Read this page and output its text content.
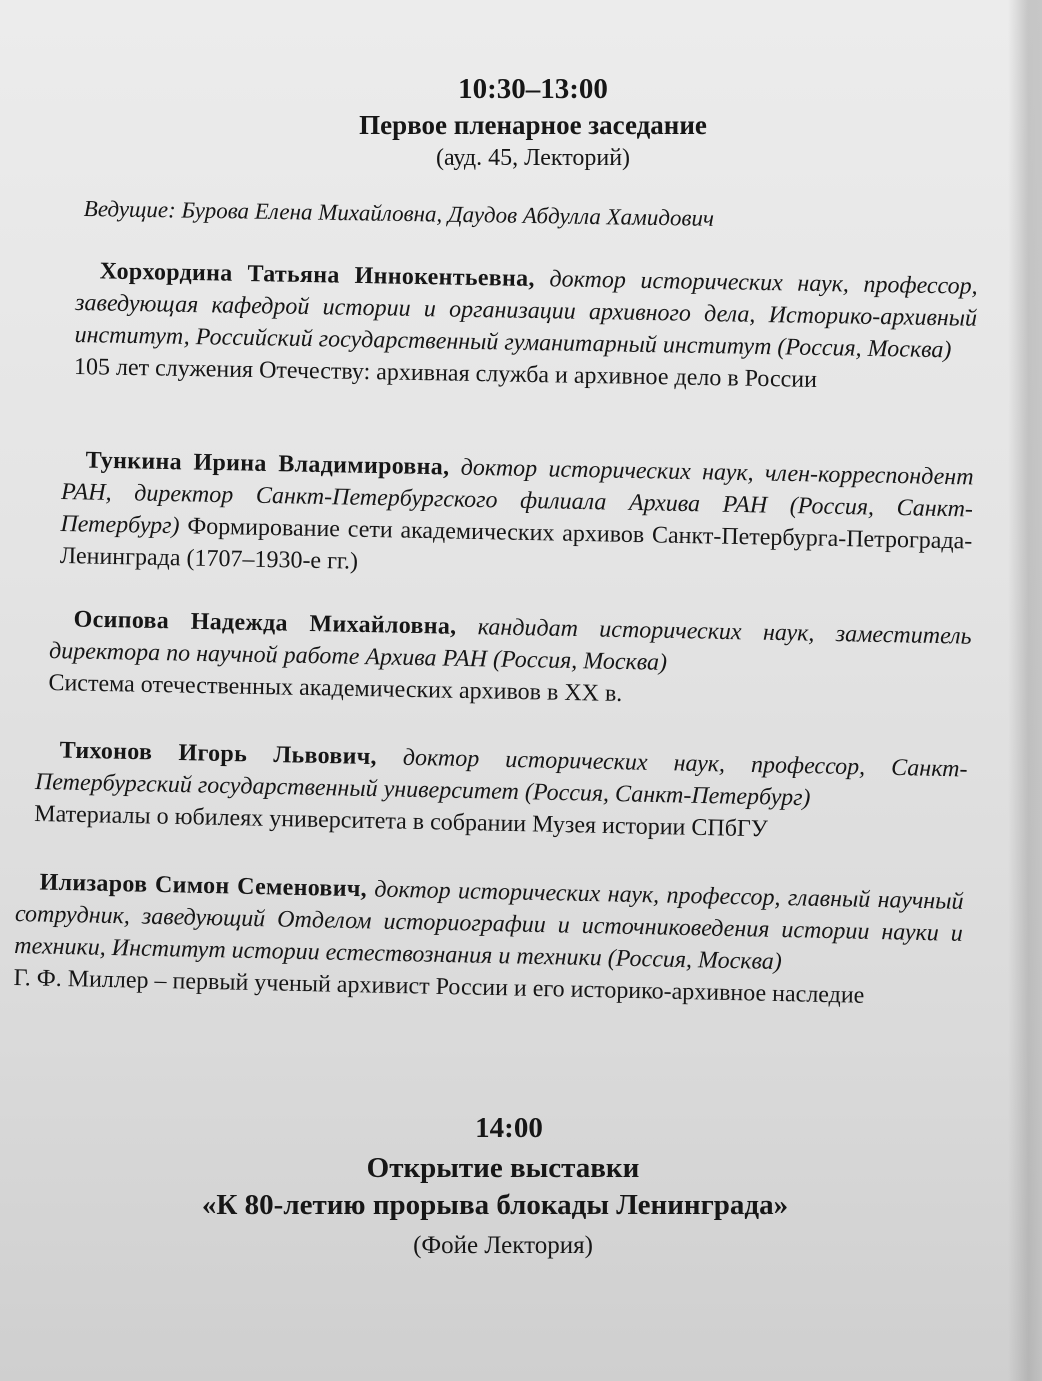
10:30–13:00
Первое пленарное заседание
(ауд. 45, Лекторий)
Ведущие: Бурова Елена Михайловна, Даудов Абдулла Хамидович

 Хорхордина Татьяна Иннокентьевна, доктор исторических наук, профессор, заведующая кафедрой истории и организации архивного дела, Историко-архивный институт, Российский государственный гуманитарный институт (Россия, Москва)

105 лет служения Отечеству: архивная служба и архивное дело в России

 Тункина Ирина Владимировна, доктор исторических наук, член-корреспондент РАН, директор Санкт-Петербургского филиала Архива РАН (Россия, Санкт-Петербург) Формирование сети академических архивов Санкт-Петербурга-Петрограда-Ленинграда (1707–1930-е гг.)

 Осипова Надежда Михайловна, кандидат исторических наук, заместитель директора по научной работе Архива РАН (Россия, Москва)

Система отечественных академических архивов в XX в.

 Тихонов Игорь Львович, доктор исторических наук, профессор, Санкт-Петербургский государственный университет (Россия, Санкт-Петербург)

Материалы о юбилеях университета в собрании Музея истории СПбГУ

 Илизаров Симон Семенович, доктор исторических наук, профессор, главный научный сотрудник, заведующий Отделом историографии и источниковедения истории науки и техники, Институт истории естествознания и техники (Россия, Москва)

Г. Ф. Миллер – первый ученый архивист России и его историко-архивное наследие

14:00
Открытие выставки
«К 80-летию прорыва блокады Ленинграда»
(Фойе Лектория)
